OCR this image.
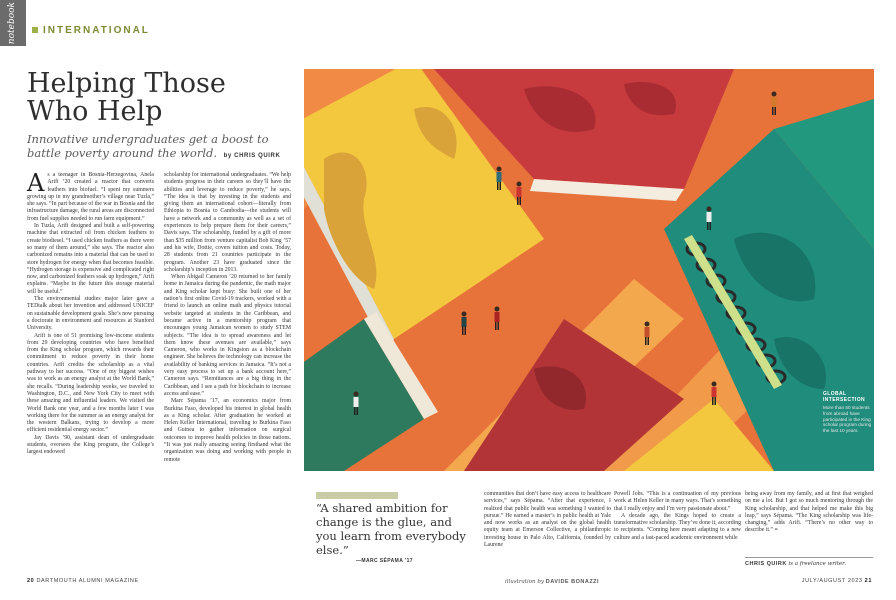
notebook	INTERNATIONAL
Helping Those Who Help
Innovative undergraduates get a boost to battle poverty around the world. by CHRIS QUIRK

As a teenager in Bosnia-Herzegovina, Anela Arifi ’20 created a reactor that converts feathers into biofuel. “I spent my summers growing up in my grandmother’s village near Tuzla,” she says. “In part because of the war in Bosnia and the infrastructure damage, the rural areas are disconnected from fuel supplies needed to run farm equipment.”

In Tuzla, Arifi designed and built a self-powering machine that extracted oil from chicken feathers to create biodiesel. “I used chicken feathers as there were so many of them around,” she says. The reactor also carbonized remains into a material that can be used to store hydrogen for energy when that becomes feasible. “Hydrogen storage is expensive and complicated right now, and carbonized feathers soak up hydrogen,” Arifi explains. “Maybe in the future this storage material will be useful.”

The environmental studies major later gave a TEDtalk about her invention and addressed UNICEF on sustainable development goals. She’s now pursuing a doctorate in environment and resources at Stanford University.

Arifi is one of 51 promising low-income students from 29 developing countries who have benefited from the King scholar program, which rewards their commitment to reduce poverty in their home countries. Arifi credits the scholarship as a vital pathway to her success. “One of my biggest wishes was to work as an energy analyst at the World Bank,” she recalls. “During leadership weeks, we traveled to Washington, D.C., and New York City to meet with these amazing and influential leaders. We visited the World Bank one year, and a few months later I was working there for the summer as an energy analyst for the western Balkans, trying to develop a more efficient residential energy sector.”

Jay Davis ’90, assistant dean of undergraduate students, oversees the King program, the College’s largest endowed

scholarship for international undergraduates. “We help students progress in their careers so they’ll have the abilities and leverage to reduce poverty,” he says. “The idea is that by investing in the students and giving them an international cohort—literally from Ethiopia to Bosnia to Cambodia—the students will have a network and a community as well as a set of experiences to help prepare them for their careers,” Davis says. The scholarship, funded by a gift of more than $35 million from venture capitalist Bob King ’57 and his wife, Dottie, covers tuition and costs. Today, 28 students from 21 countries participate in the program. Another 23 have graduated since the scholarship’s inception in 2013.

When Abigail Cameron ’20 returned to her family home in Jamaica during the pandemic, the math major and King scholar kept busy: She built one of her nation’s first online Covid-19 trackers, worked with a friend to launch an online math and physics tutorial website targeted at students in the Caribbean, and became active in a mentorship program that encourages young Jamaican women to study STEM subjects. “The idea is to spread awareness and let them know these avenues are available,” says Cameron, who works in Kingston as a blockchain engineer. She believes the technology can increase the availability of banking services in Jamaica. “It’s not a very easy process to set up a bank account here,” Cameron says. “Remittances are a big thing in the Caribbean, and I see a path for blockchain to increase access and ease.”

Marc Sépama ’17, an economics major from Burkina Faso, developed his interest in global health as a King scholar. After graduation he worked at Helen Keller International, traveling to Burkina Faso and Guinea to gather information on surgical outcomes to improve health policies in those nations. “It was just really amazing seeing firsthand what the organization was doing and working with people in remote

GLOBAL INTERSECTION
More than 50 students from abroad have participated in the King scholar program during the last 10 years.
“A shared ambition for change is the glue, and you learn from everybody else.”
—MARC SÉPAMA ’17

communities that don’t have easy access to healthcare services,” says Sépama. “After that experience, I realized that public health was something I wanted to pursue.” He earned a master’s in public health at Yale and now works as an analyst on the global health equity team at Emerson Collective, a philanthropic investing house in Palo Alto, California, founded by Laurene

Powell Jobs. “This is a continuation of my previous work at Helen Keller in many ways. That’s something that I really enjoy and I’m very passionate about.”

A decade ago, the Kings hoped to create a transformative scholarship. They’ve done it, according to recipients. “Coming here meant adapting to a new culture and a fast-paced academic environment while

being away from my family, and at first that weighed on me a lot. But I got so much mentoring through the King scholarship, and that helped me make this big leap,” says Sépama. “The King scholarship was life-changing,” adds Arifi. “There’s no other way to describe it.” ≡

CHRIS QUIRK is a freelance writer.
20 DARTMOUTH ALUMNI MAGAZINE	illustration by DAVIDE BONAZZI	JULY/AUGUST 2023 21
